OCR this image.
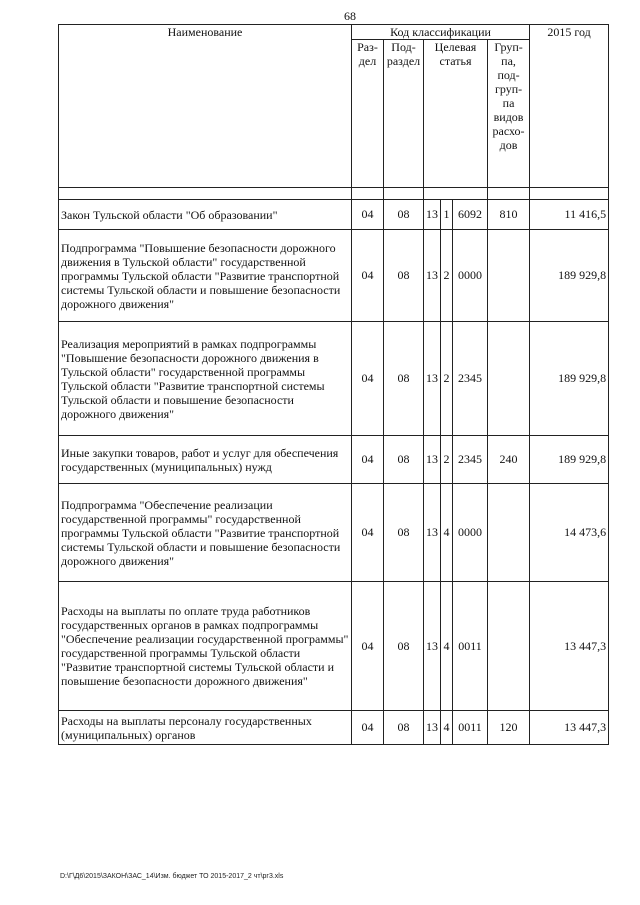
68
Наименование	Код классификации						2015 год
	Раз-дел	Под-раздел	Целевая статья			Груп-па, под-груп-па видов расхо-дов	

Закон Тульской области "Об образовании"	04	08	13	1	6092	810	11 416,5
Подпрограмма "Повышение безопасности дорожного движения в Тульской области" государственной программы Тульской области "Развитие транспортной системы Тульской области и повышение безопасности дорожного движения"	04	08	13	2	0000		189 929,8
Реализация мероприятий в рамках подпрограммы "Повышение безопасности дорожного движения в Тульской области" государственной программы Тульской области "Развитие транспортной системы Тульской области и повышение безопасности дорожного движения"	04	08	13	2	2345		189 929,8
Иные закупки товаров, работ и услуг для обеспечения государственных (муниципальных) нужд	04	08	13	2	2345	240	189 929,8
Подпрограмма "Обеспечение реализации государственной программы" государственной программы Тульской области "Развитие транспортной системы Тульской области и повышение безопасности дорожного движения"	04	08	13	4	0000		14 473,6
Расходы на выплаты по оплате труда работников государственных органов в рамках подпрограммы "Обеспечение реализации государственной программы" государственной программы Тульской области "Развитие транспортной системы Тульской области и повышение безопасности дорожного движения"	04	08	13	4	0011		13 447,3
Расходы на выплаты персоналу государственных (муниципальных) органов	04	08	13	4	0011	120	13 447,3
D:\Г\Д6\2015\ЗАКОН\ЗАС_14\Изм. бюджет ТО 2015-2017_2 чт\рг3.xls
